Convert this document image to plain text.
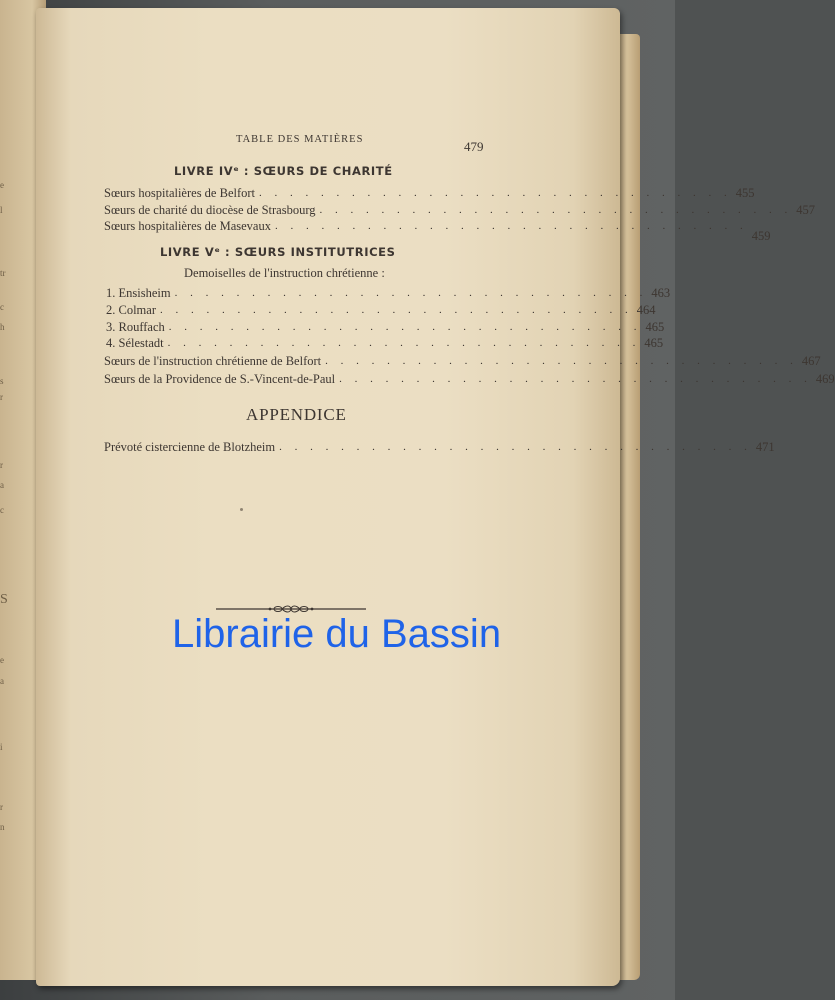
e
l
tr
c
h
s
r
r
a
c
S
e
a
i
r
n
TABLE DES MATIÈRES	479
LIVRE IVᵉ : SŒURS DE CHARITÉ
Sœurs hospitalières de Belfort . . . . . . . . . . . . . . . . . . . . . . . . . . . . . . . 455
Sœurs de charité du diocèse de Strasbourg . . . . . . . . . . . . . . . . . . . . . . . . . . . . . . . 457
Sœurs hospitalières de Masevaux . . . . . . . . . . . . . . . . . . . . . . . . . . . . . . .
459
LIVRE Vᵉ : SŒURS INSTITUTRICES
Demoiselles de l'instruction chrétienne :
1. Ensisheim . . . . . . . . . . . . . . . . . . . . . . . . . . . . . . . 463
2. Colmar . . . . . . . . . . . . . . . . . . . . . . . . . . . . . . . 464
3. Rouffach . . . . . . . . . . . . . . . . . . . . . . . . . . . . . . . 465
4. Sélestadt . . . . . . . . . . . . . . . . . . . . . . . . . . . . . . . 465
Sœurs de l'instruction chrétienne de Belfort . . . . . . . . . . . . . . . . . . . . . . . . . . . . . . . 467
Sœurs de la Providence de S.-Vincent-de-Paul . . . . . . . . . . . . . . . . . . . . . . . . . . . . . . . 469
APPENDICE
Prévoté cistercienne de Blotzheim . . . . . . . . . . . . . . . . . . . . . . . . . . . . . . . 471
Librairie du Bassin
